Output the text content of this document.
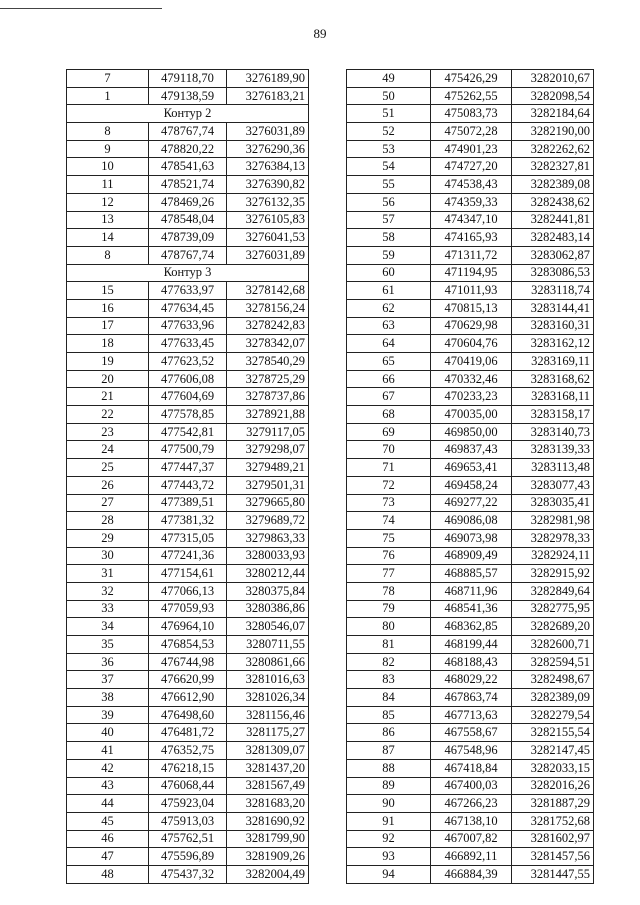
89
7	479118,70	3276189,90
1	479138,59	3276183,21
Контур 2		
8	478767,74	3276031,89
9	478820,22	3276290,36
10	478541,63	3276384,13
11	478521,74	3276390,82
12	478469,26	3276132,35
13	478548,04	3276105,83
14	478739,09	3276041,53
8	478767,74	3276031,89
Контур 3		
15	477633,97	3278142,68
16	477634,45	3278156,24
17	477633,96	3278242,83
18	477633,45	3278342,07
19	477623,52	3278540,29
20	477606,08	3278725,29
21	477604,69	3278737,86
22	477578,85	3278921,88
23	477542,81	3279117,05
24	477500,79	3279298,07
25	477447,37	3279489,21
26	477443,72	3279501,31
27	477389,51	3279665,80
28	477381,32	3279689,72
29	477315,05	3279863,33
30	477241,36	3280033,93
31	477154,61	3280212,44
32	477066,13	3280375,84
33	477059,93	3280386,86
34	476964,10	3280546,07
35	476854,53	3280711,55
36	476744,98	3280861,66
37	476620,99	3281016,63
38	476612,90	3281026,34
39	476498,60	3281156,46
40	476481,72	3281175,27
41	476352,75	3281309,07
42	476218,15	3281437,20
43	476068,44	3281567,49
44	475923,04	3281683,20
45	475913,03	3281690,92
46	475762,51	3281799,90
47	475596,89	3281909,26
48	475437,32	3282004,49
49	475426,29	3282010,67
50	475262,55	3282098,54
51	475083,73	3282184,64
52	475072,28	3282190,00
53	474901,23	3282262,62
54	474727,20	3282327,81
55	474538,43	3282389,08
56	474359,33	3282438,62
57	474347,10	3282441,81
58	474165,93	3282483,14
59	471311,72	3283062,87
60	471194,95	3283086,53
61	471011,93	3283118,74
62	470815,13	3283144,41
63	470629,98	3283160,31
64	470604,76	3283162,12
65	470419,06	3283169,11
66	470332,46	3283168,62
67	470233,23	3283168,11
68	470035,00	3283158,17
69	469850,00	3283140,73
70	469837,43	3283139,33
71	469653,41	3283113,48
72	469458,24	3283077,43
73	469277,22	3283035,41
74	469086,08	3282981,98
75	469073,98	3282978,33
76	468909,49	3282924,11
77	468885,57	3282915,92
78	468711,96	3282849,64
79	468541,36	3282775,95
80	468362,85	3282689,20
81	468199,44	3282600,71
82	468188,43	3282594,51
83	468029,22	3282498,67
84	467863,74	3282389,09
85	467713,63	3282279,54
86	467558,67	3282155,54
87	467548,96	3282147,45
88	467418,84	3282033,15
89	467400,03	3282016,26
90	467266,23	3281887,29
91	467138,10	3281752,68
92	467007,82	3281602,97
93	466892,11	3281457,56
94	466884,39	3281447,55
